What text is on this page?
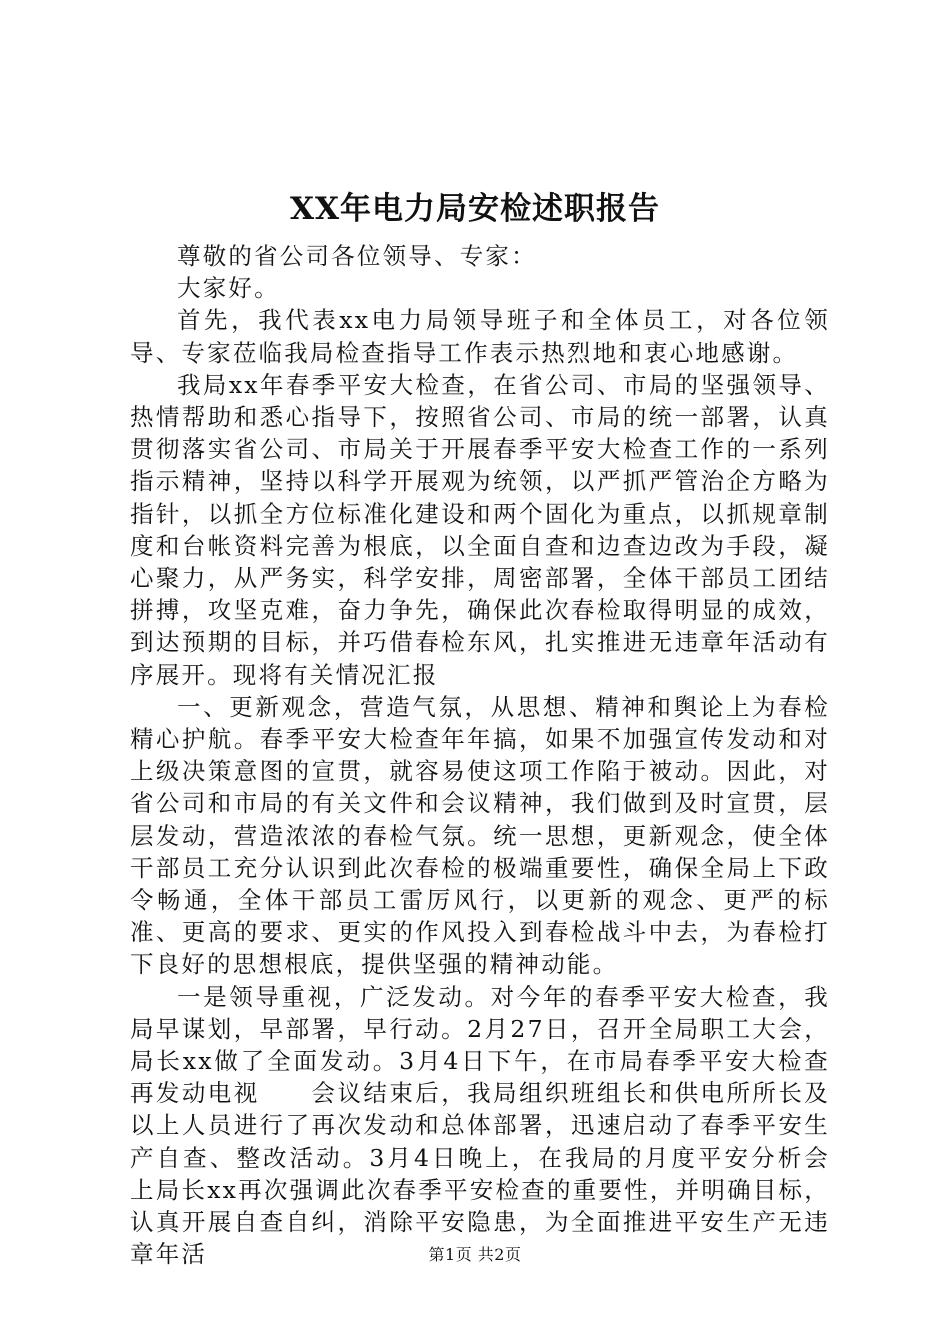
XX年电力局安检述职报告

尊敬的省公司各位领导、专家：

大家好。

首先，我代表xx电力局领导班子和全体员工，对各位领导、专家莅临我局检查指导工作表示热烈地和衷心地感谢。

我局xx年春季平安大检查，在省公司、市局的坚强领导、热情帮助和悉心指导下，按照省公司、市局的统一部署，认真贯彻落实省公司、市局关于开展春季平安大检查工作的一系列指示精神，坚持以科学开展观为统领，以严抓严管治企方略为指针，以抓全方位标准化建设和两个固化为重点，以抓规章制度和台帐资料完善为根底，以全面自查和边查边改为手段，凝心聚力，从严务实，科学安排，周密部署，全体干部员工团结拼搏，攻坚克难，奋力争先，确保此次春检取得明显的成效，到达预期的目标，并巧借春检东风，扎实推进无违章年活动有序展开。现将有关情况汇报

一、更新观念，营造气氛，从思想、精神和舆论上为春检精心护航。春季平安大检查年年搞，如果不加强宣传发动和对上级决策意图的宣贯，就容易使这项工作陷于被动。因此，对省公司和市局的有关文件和会议精神，我们做到及时宣贯，层层发动，营造浓浓的春检气氛。统一思想，更新观念，使全体干部员工充分认识到此次春检的极端重要性，确保全局上下政令畅通，全体干部员工雷厉风行，以更新的观念、更严的标准、更高的要求、更实的作风投入到春检战斗中去，为春检打下良好的思想根底，提供坚强的精神动能。

一是领导重视，广泛发动。对今年的春季平安大检查，我局早谋划，早部署，早行动。2月27日，召开全局职工大会，局长xx做了全面发动。3月4日下午，在市局春季平安大检查再发动电视　　会议结束后，我局组织班组长和供电所所长及以上人员进行了再次发动和总体部署，迅速启动了春季平安生产自查、整改活动。3月4日晚上，在我局的月度平安分析会上局长xx再次强调此次春季平安检查的重要性，并明确目标，认真开展自查自纠，消除平安隐患，为全面推进平安生产无违章年活	第1页 共2页
